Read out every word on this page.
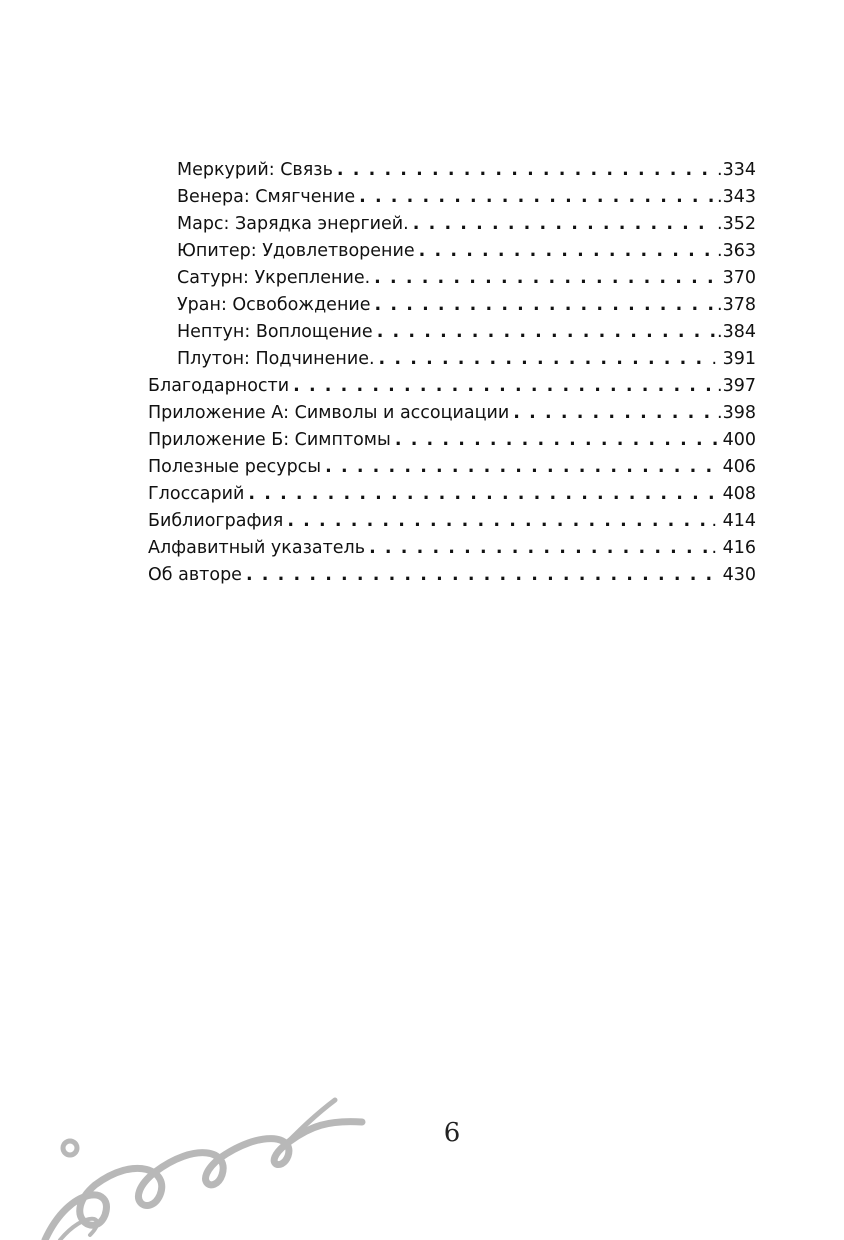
Меркурий: Связь .....	.334
Венера: Смягчение .....	.343
Марс: Зарядка энергией. .....	.352
Юпитер: Удовлетворение .....	.363
Сатурн: Укрепление. .....	370
Уран: Освобождение .....	.378
Нептун: Воплощение .....	.384
Плутон: Подчинение. .....	. 391
Благодарности .....	.397
Приложение А: Символы и ассоциации .....	.398
Приложение Б: Симптомы .....	400
Полезные ресурсы .....	406
Глоссарий .....	408
Библиография .....	. 414
Алфавитный указатель .....	. 416
Об авторе .....	430
6
